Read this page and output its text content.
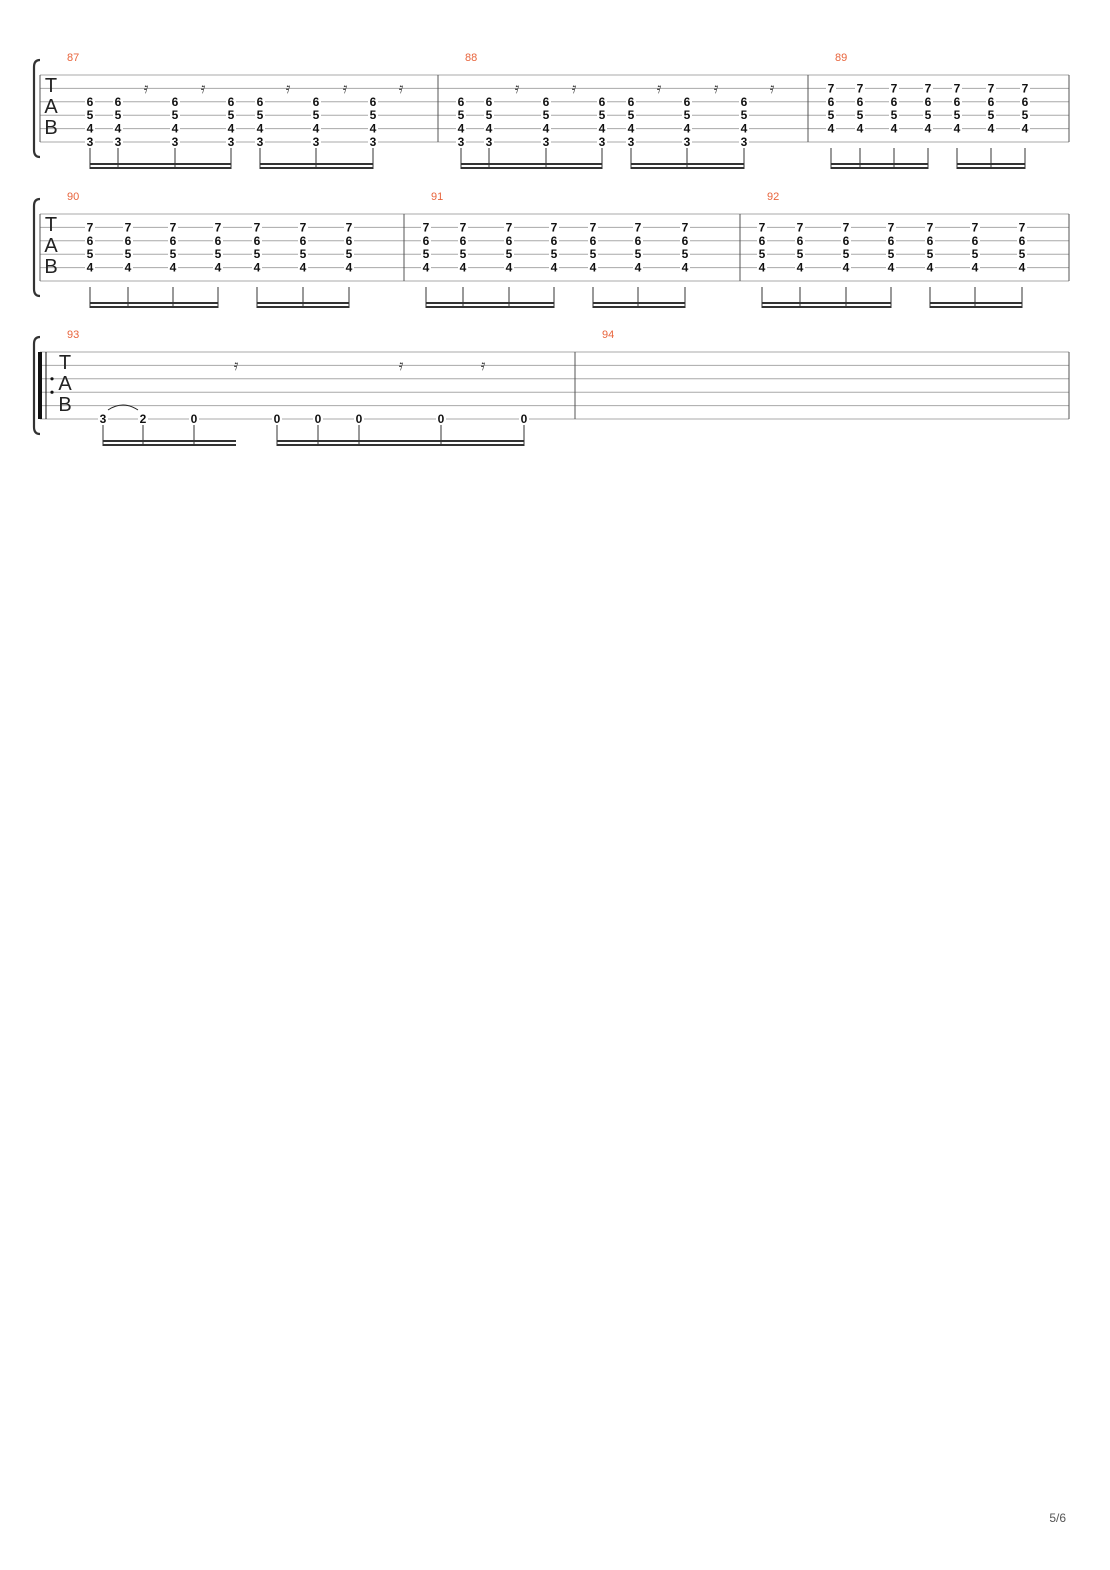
T
A
B
87
6
5
4
3
6
5
4
3
𝄿
6
5
4
3
𝄿
6
5
4
3
6
5
4
3
𝄿
6
5
4
3
𝄿
6
5
4
3
𝄿
88
6
5
4
3
6
5
4
3
𝄿
6
5
4
3
𝄿
6
5
4
3
6
5
4
3
𝄿
6
5
4
3
𝄿
6
5
4
3
𝄿
89
7
6
5
4
7
6
5
4
7
6
5
4
7
6
5
4
7
6
5
4
7
6
5
4
7
6
5
4
T
A
B
90
7
6
5
4
7
6
5
4
7
6
5
4
7
6
5
4
7
6
5
4
7
6
5
4
7
6
5
4
91
7
6
5
4
7
6
5
4
7
6
5
4
7
6
5
4
7
6
5
4
7
6
5
4
7
6
5
4
92
7
6
5
4
7
6
5
4
7
6
5
4
7
6
5
4
7
6
5
4
7
6
5
4
7
6
5
4
T
A
B
93
3	2	0
𝄿
0	0	0
𝄿
0
𝄿
0
94
5/6
